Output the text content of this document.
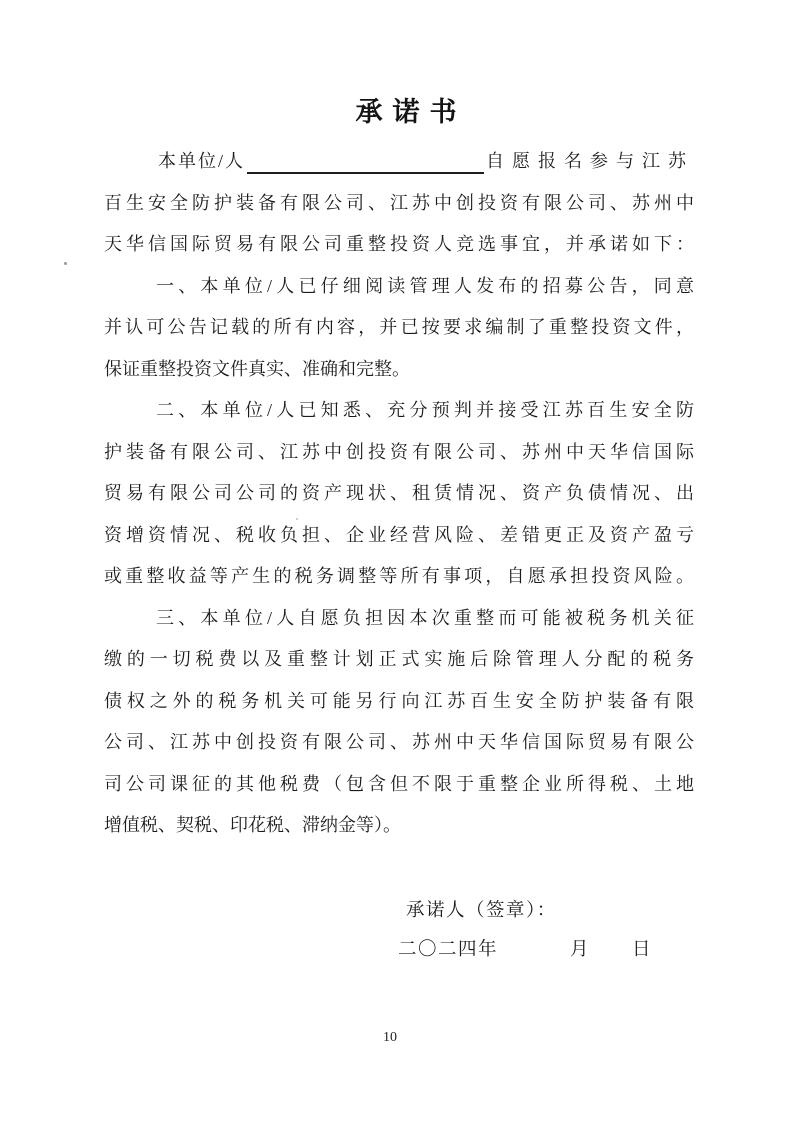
承诺书
本单位/人	自愿报名参与江苏
百生安全防护装备有限公司、江苏中创投资有限公司、苏州中
天华信国际贸易有限公司重整投资人竞选事宜，并承诺如下：
一、本单位/人已仔细阅读管理人发布的招募公告，同意
并认可公告记载的所有内容，并已按要求编制了重整投资文件，
保证重整投资文件真实、准确和完整。
二、本单位/人已知悉、充分预判并接受江苏百生安全防
护装备有限公司、江苏中创投资有限公司、苏州中天华信国际
贸易有限公司公司的资产现状、租赁情况、资产负债情况、出
资增资情况、税收负担、企业经营风险、差错更正及资产盈亏
或重整收益等产生的税务调整等所有事项，自愿承担投资风险。
三、本单位/人自愿负担因本次重整而可能被税务机关征
缴的一切税费以及重整计划正式实施后除管理人分配的税务
债权之外的税务机关可能另行向江苏百生安全防护装备有限
公司、江苏中创投资有限公司、苏州中天华信国际贸易有限公
司公司课征的其他税费（包含但不限于重整企业所得税、土地
增值税、契税、印花税、滞纳金等）。
承诺人（签章）：
二〇二四年	月 日
10
